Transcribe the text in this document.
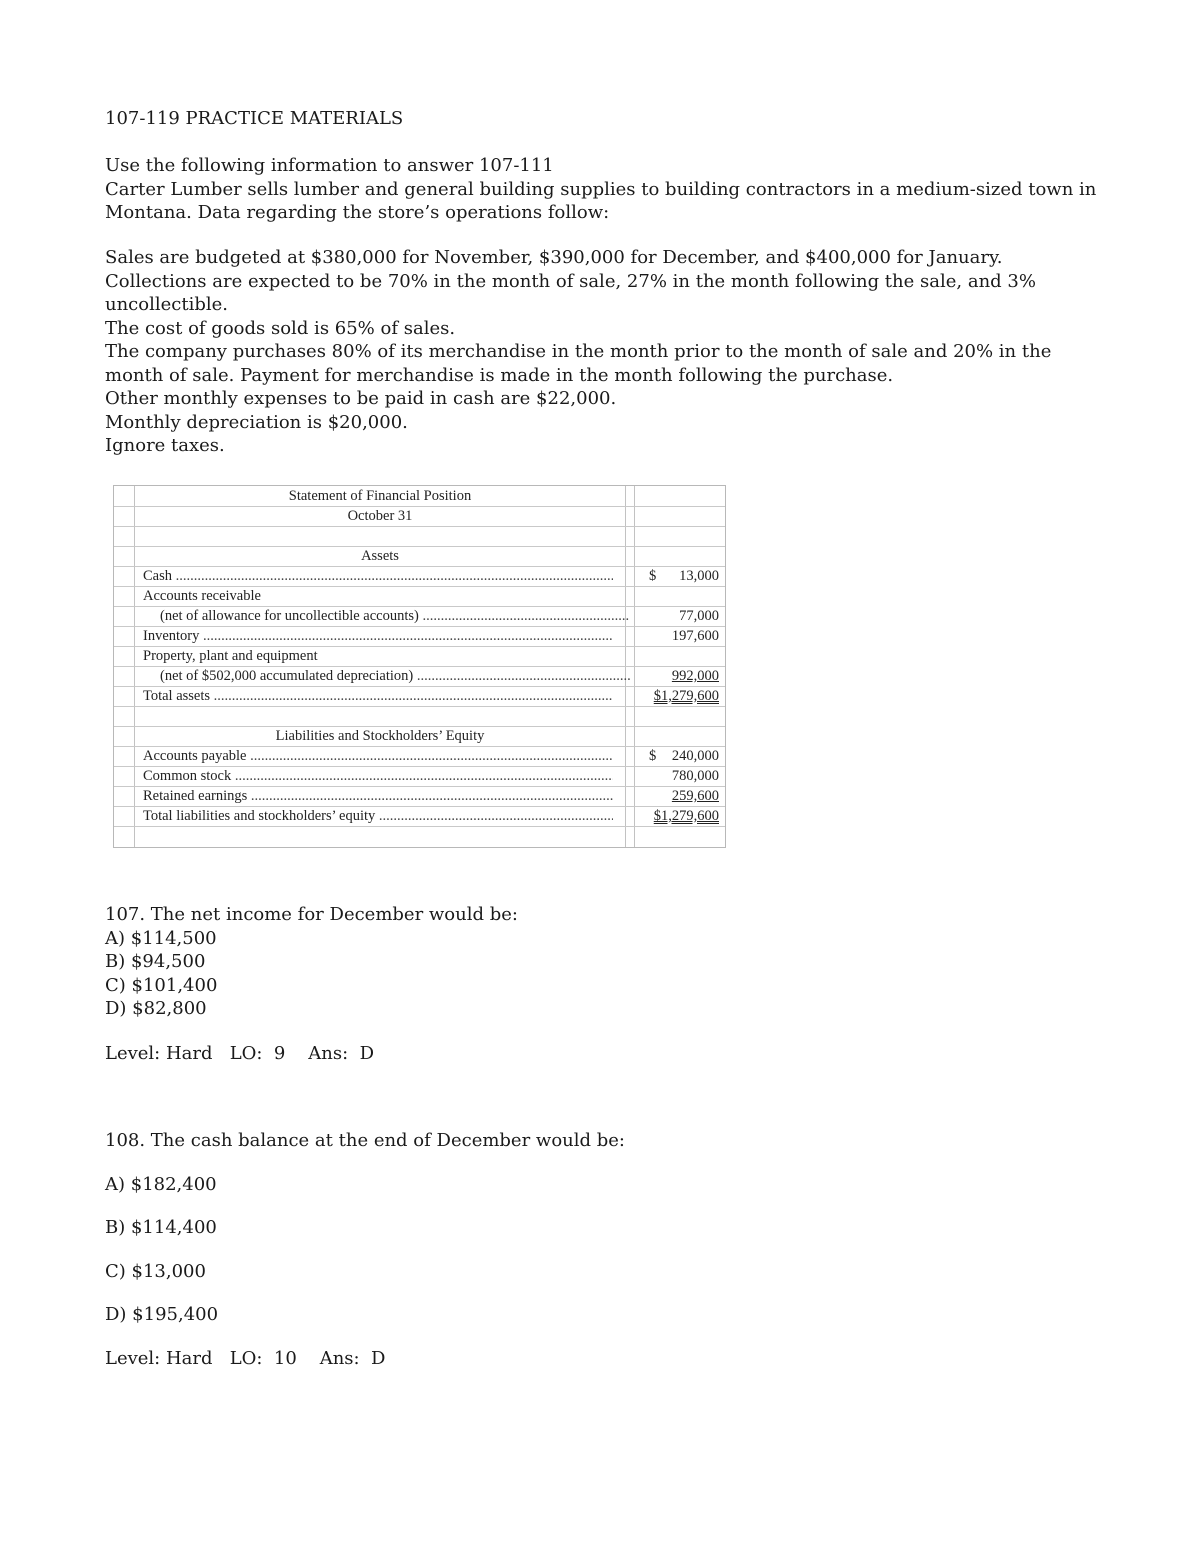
107-119 PRACTICE MATERIALS

Use the following information to answer 107-111

Carter Lumber sells lumber and general building supplies to building contractors in a medium-sized town in Montana. Data regarding the store’s operations follow:

Sales are budgeted at $380,000 for November, $390,000 for December, and $400,000 for January.

Collections are expected to be 70% in the month of sale, 27% in the month following the sale, and 3% uncollectible.

The cost of goods sold is 65% of sales.

The company purchases 80% of its merchandise in the month prior to the month of sale and 20% in the month of sale. Payment for merchandise is made in the month following the purchase.

Other monthly expenses to be paid in cash are $22,000.

Monthly depreciation is $20,000.

Ignore taxes.

Statement of Financial Position
October 31
Assets
Cash .....	$	13,000
Accounts receivable
(net of allowance for uncollectible accounts) .....	77,000
Inventory .....	197,600
Property, plant and equipment
(net of $502,000 accumulated depreciation) .....	992,000
Total assets .....	$1,279,600
Liabilities and Stockholders’ Equity
Accounts payable .....	$	240,000
Common stock .....	780,000
Retained earnings .....	259,600
Total liabilities and stockholders’ equity .....	$1,279,600

107. The net income for December would be:

A) $114,500

B) $94,500

C) $101,400

D) $82,800

Level: Hard   LO:  9    Ans:  D

108. The cash balance at the end of December would be:

A) $182,400

B) $114,400

C) $13,000

D) $195,400

Level: Hard   LO:  10    Ans:  D
